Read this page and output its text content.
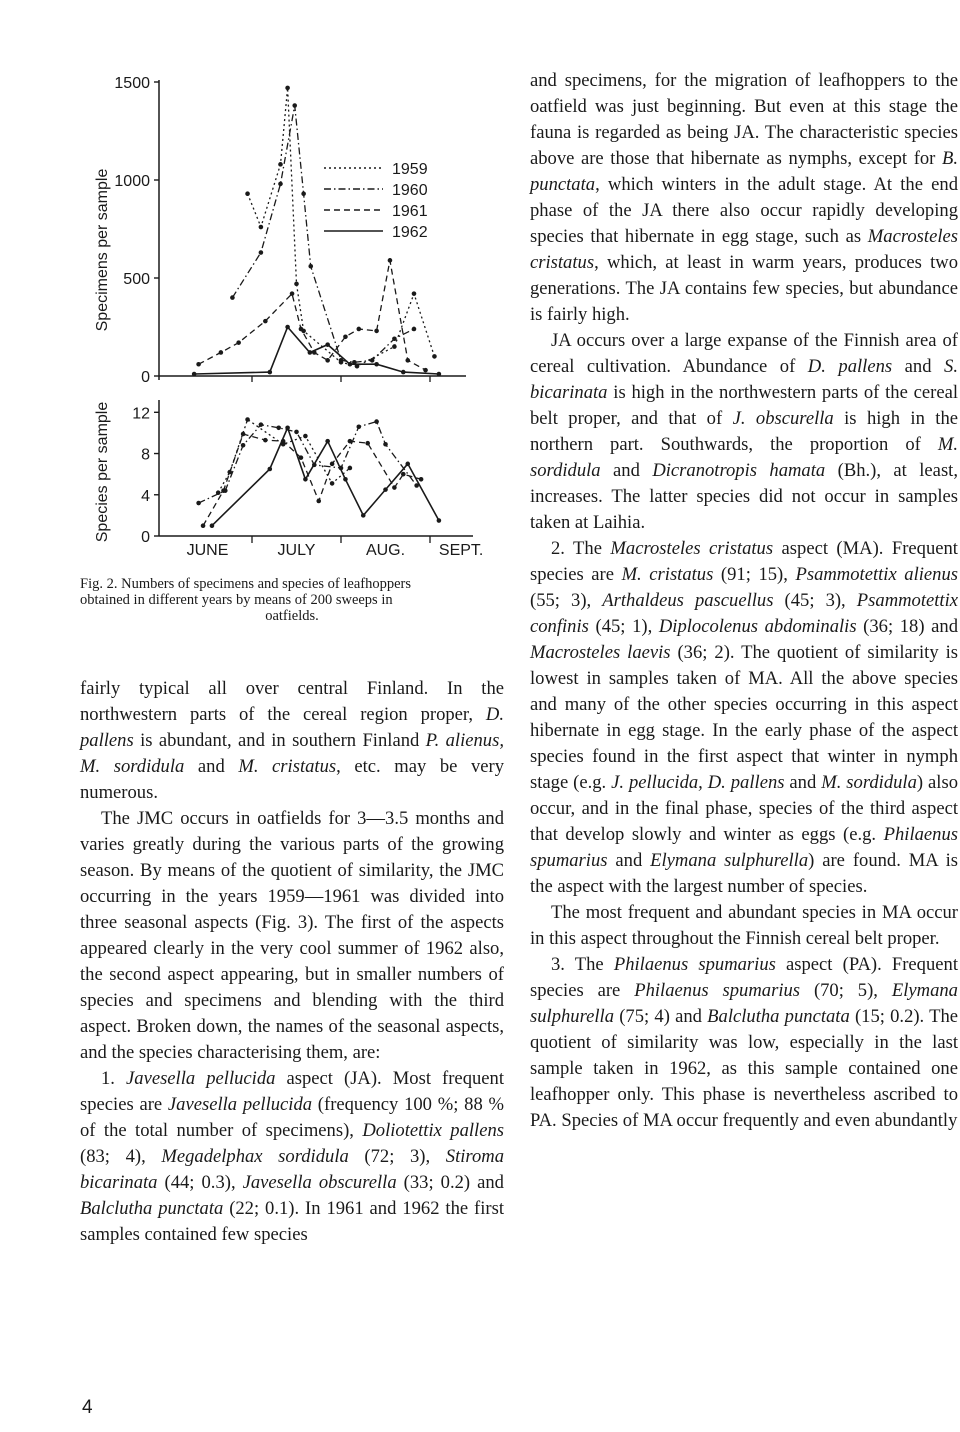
Specimens per sample
1500
1000
500
0
1959
1960
1961
1962
Species per sample 12
8
4
0
JUNE	JULY	AUG. SEPT.
Fig. 2. Numbers of specimens and species of leafhoppers
obtained in different years by means of 200 sweeps in

oatfields.

fairly typical all over central Finland. In the northwestern parts of the cereal region proper, D. pallens is abundant, and in southern Finland P. alienus, M. sordidula and M. cristatus, etc. may be very numerous.

The JMC occurs in oatfields for 3—3.5 months and varies greatly during the various parts of the growing season. By means of the quotient of similarity, the JMC occurring in the years 1959—1961 was divided into three seasonal aspects (Fig. 3). The first of the aspects appeared clearly in the very cool summer of 1962 also, the second aspect appearing, but in smaller numbers of species and specimens and blending with the third aspect. Broken down, the names of the seasonal aspects, and the species characterising them, are:

1. Javesella pellucida aspect (JA). Most frequent species are Javesella pellucida (frequency 100 %; 88 % of the total number of specimens), Doliotettix pallens (83; 4), Megadelphax sordidula (72; 3), Stiroma bicarinata (44; 0.3), Javesella obscurella (33; 0.2) and Balclutha punctata (22; 0.1). In 1961 and 1962 the first samples contained few species

and specimens, for the migration of leafhoppers to the oatfield was just beginning. But even at this stage the fauna is regarded as being JA. The characteristic species above are those that hibernate as nymphs, except for B. punctata, which winters in the adult stage. At the end phase of the JA there also occur rapidly developing species that hibernate in egg stage, such as Macrosteles cristatus, which, at least in warm years, produces two generations. The JA contains few species, but abundance is fairly high.

JA occurs over a large expanse of the Finnish area of cereal cultivation. Abundance of D. pallens and S. bicarinata is high in the northwestern parts of the cereal belt proper, and that of J. obscurella is high in the northern part. Southwards, the proportion of M. sordidula and Dicranotropis hamata (Bh.), at least, increases. The latter species did not occur in samples taken at Laihia.

2. The Macrosteles cristatus aspect (MA). Frequent species are M. cristatus (91; 15), Psammotettix alienus (55; 3), Arthaldeus pascuellus (45; 3), Psammotettix confinis (45; 1), Diplocolenus abdominalis (36; 18) and Macrosteles laevis (36; 2). The quotient of similarity is lowest in samples taken of MA. All the above species and many of the other species occurring in this aspect hibernate in egg stage. In the early phase of the aspect species found in the first aspect that winter in nymph stage (e.g. J. pellucida, D. pallens and M. sordidula) also occur, and in the final phase, species of the third aspect that develop slowly and winter as eggs (e.g. Philaenus spumarius and Elymana sulphurella) are found. MA is the aspect with the largest number of species.

The most frequent and abundant species in MA occur in this aspect throughout the Finnish cereal belt proper.

3. The Philaenus spumarius aspect (PA). Frequent species are Philaenus spumarius (70; 5), Elymana sulphurella (75; 4) and Balclutha punctata (15; 0.2). The quotient of similarity was low, especially in the last sample taken in 1962, as this sample contained one leafhopper only. This phase is nevertheless ascribed to PA. Species of MA occur frequently and even abundantly

4
